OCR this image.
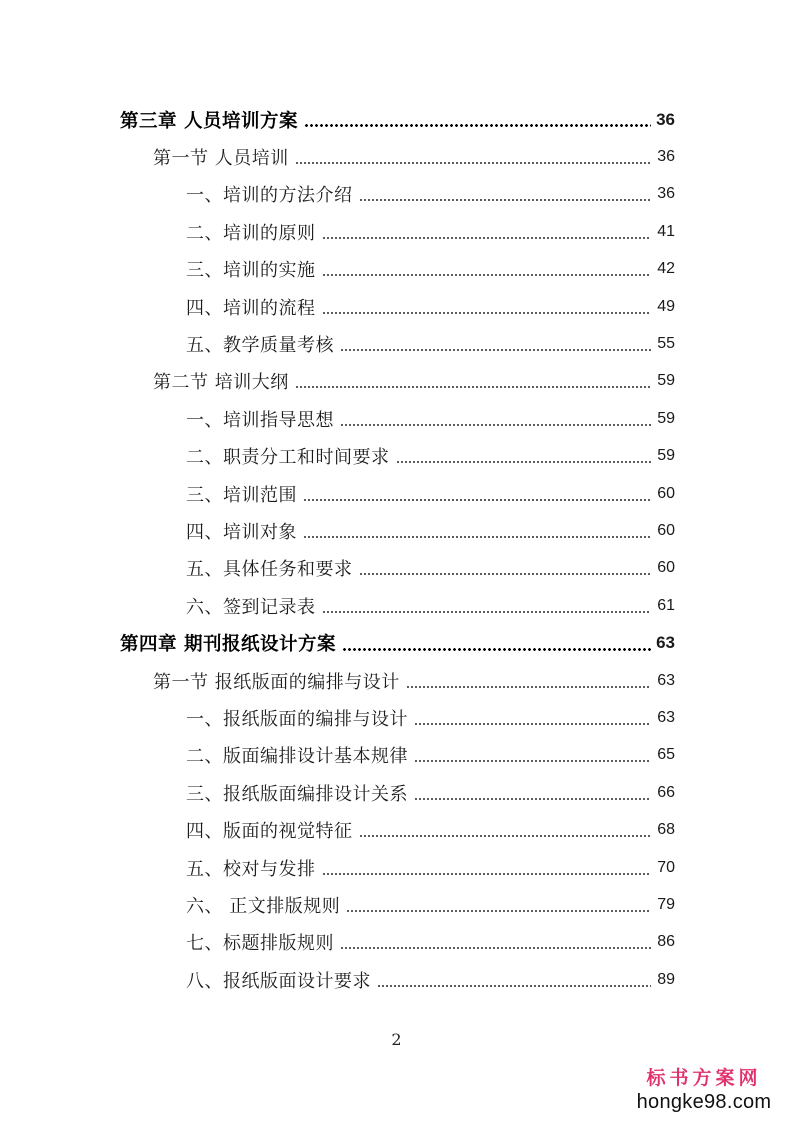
第三章 人员培训方案	36
第一节 人员培训	36
一、培训的方法介绍	36
二、培训的原则	41
三、培训的实施	42
四、培训的流程	49
五、教学质量考核	55
第二节 培训大纲	59
一、培训指导思想	59
二、职责分工和时间要求	59
三、培训范围	60
四、培训对象	60
五、具体任务和要求	60
六、签到记录表	61
第四章 期刊报纸设计方案	63
第一节 报纸版面的编排与设计	63
一、报纸版面的编排与设计	63
二、版面编排设计基本规律	65
三、报纸版面编排设计关系	66
四、版面的视觉特征	68
五、校对与发排	70
六、 正文排版规则	79
七、标题排版规则	86
八、报纸版面设计要求	89
2
标书方案网
hongke98.com
